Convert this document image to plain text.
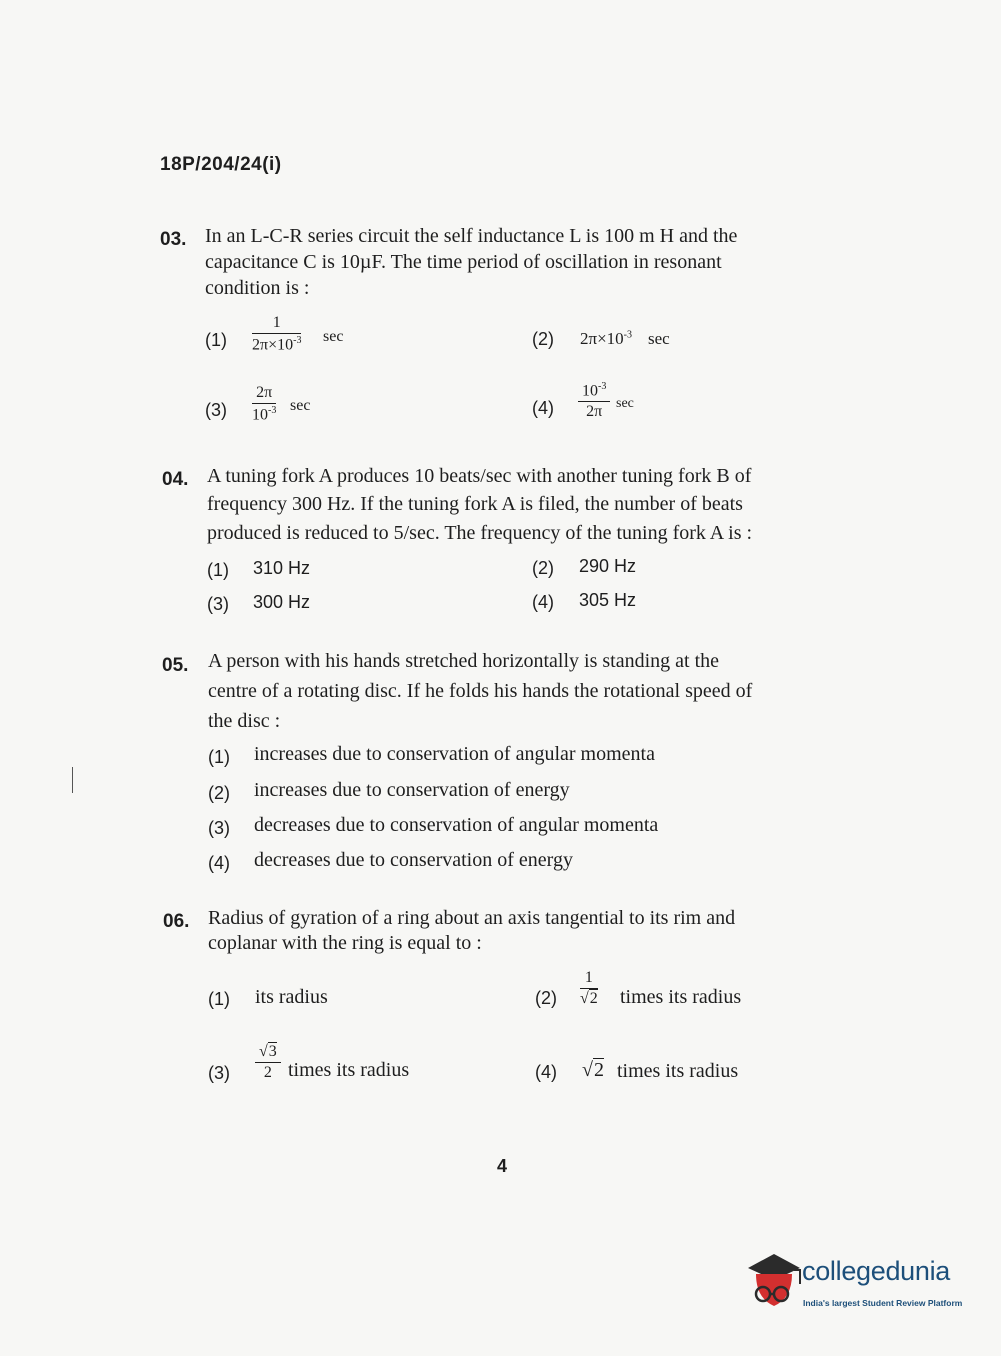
18P/204/24(i)
03. In an L-C-R series circuit the self inductance L is 100 m H and the
capacitance C is 10µF. The time period of oscillation in resonant
condition is :
$(1) \frac{1}{2\pi\times 10^{-3}}$ sec	(2) $2\pi\times 10^{-3}$ sec
$(3) \frac{2\pi}{10^{-3}}$ sec	$(4) \frac{10^{-3}}{2\pi}$ sec
04. A tuning fork A produces 10 beats/sec with another tuning fork B of
frequency 300 Hz. If the tuning fork A is filed, the number of beats
produced is reduced to 5/sec. The frequency of the tuning fork A is :
(1) 310 Hz	(2) 290 Hz
(3) 300 Hz	(4) 305 Hz
05. A person with his hands stretched horizontally is standing at the
centre of a rotating disc. If he folds his hands the rotational speed of
the disc :
(1) increases due to conservation of angular momenta
(2) increases due to conservation of energy
(3) decreases due to conservation of angular momenta
(4) decreases due to conservation of energy
06. Radius of gyration of a ring about an axis tangential to its rim and
coplanar with the ring is equal to :
(1) its radius	$(2) \frac{1}{√2}$ times its radius
$(3) \frac{√3}{2}$ times its radius	(4) √2 times its radius
4
collegedunia
India's largest Student Review Platform
